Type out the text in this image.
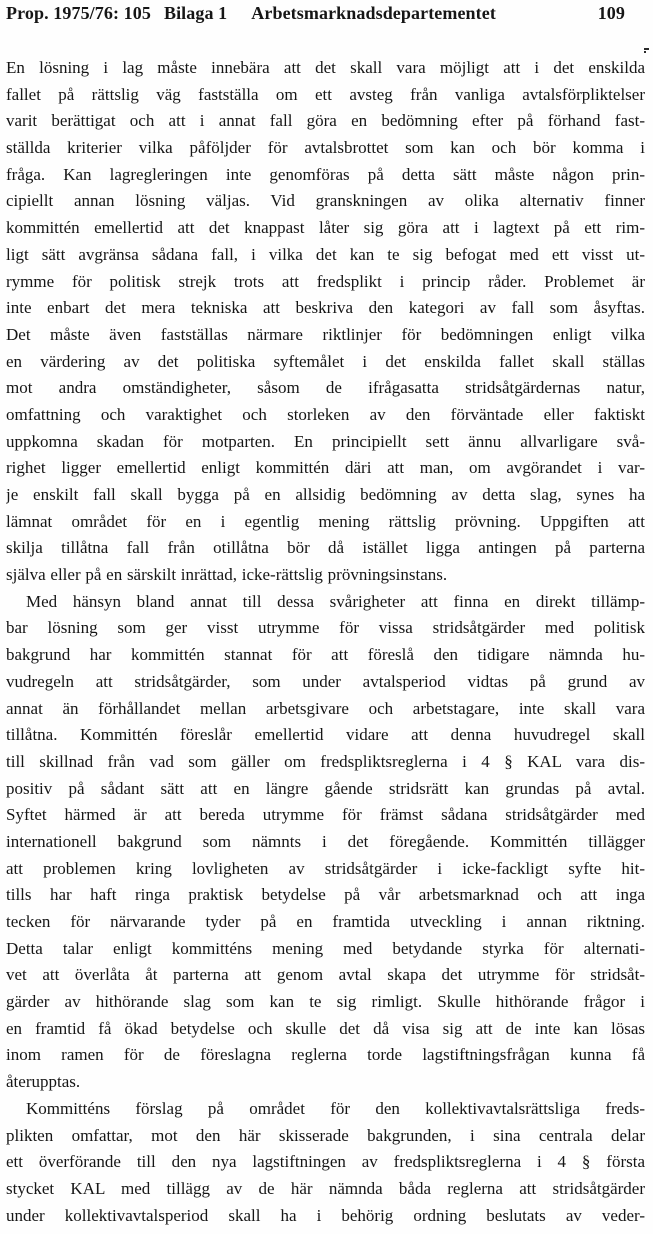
Prop. 1975/76: 105 Bilaga 1 Arbetsmarknadsdepartementet	109
En lösning i lag måste innebära att det skall vara möjligt att i det enskilda
fallet på rättslig väg fastställa om ett avsteg från vanliga avtalsförpliktelser
varit berättigat och att i annat fall göra en bedömning efter på förhand fast-
ställda kriterier vilka påföljder för avtalsbrottet som kan och bör komma i
fråga. Kan lagregleringen inte genomföras på detta sätt måste någon prin-
cipiellt annan lösning väljas. Vid granskningen av olika alternativ finner
kommittén emellertid att det knappast låter sig göra att i lagtext på ett rim-
ligt sätt avgränsa sådana fall, i vilka det kan te sig befogat med ett visst ut-
rymme för politisk strejk trots att fredsplikt i princip råder. Problemet är
inte enbart det mera tekniska att beskriva den kategori av fall som åsyftas.
Det måste även fastställas närmare riktlinjer för bedömningen enligt vilka
en värdering av det politiska syftemålet i det enskilda fallet skall ställas
mot andra omständigheter, såsom de ifrågasatta stridsåtgärdernas natur,
omfattning och varaktighet och storleken av den förväntade eller faktiskt
uppkomna skadan för motparten. En principiellt sett ännu allvarligare svå-
righet ligger emellertid enligt kommittén däri att man, om avgörandet i var-
je enskilt fall skall bygga på en allsidig bedömning av detta slag, synes ha
lämnat området för en i egentlig mening rättslig prövning. Uppgiften att
skilja tillåtna fall från otillåtna bör då istället ligga antingen på parterna
själva eller på en särskilt inrättad, icke-rättslig prövningsinstans.
Med hänsyn bland annat till dessa svårigheter att finna en direkt tillämp-
bar lösning som ger visst utrymme för vissa stridsåtgärder med politisk
bakgrund har kommittén stannat för att föreslå den tidigare nämnda hu-
vudregeln att stridsåtgärder, som under avtalsperiod vidtas på grund av
annat än förhållandet mellan arbetsgivare och arbetstagare, inte skall vara
tillåtna. Kommittén föreslår emellertid vidare att denna huvudregel skall
till skillnad från vad som gäller om fredspliktsreglerna i 4 § KAL vara dis-
positiv på sådant sätt att en längre gående stridsrätt kan grundas på avtal.
Syftet härmed är att bereda utrymme för främst sådana stridsåtgärder med
internationell bakgrund som nämnts i det föregående. Kommittén tillägger
att problemen kring lovligheten av stridsåtgärder i icke-fackligt syfte hit-
tills har haft ringa praktisk betydelse på vår arbetsmarknad och att inga
tecken för närvarande tyder på en framtida utveckling i annan riktning.
Detta talar enligt kommitténs mening med betydande styrka för alternati-
vet att överlåta åt parterna att genom avtal skapa det utrymme för stridsåt-
gärder av hithörande slag som kan te sig rimligt. Skulle hithörande frågor i
en framtid få ökad betydelse och skulle det då visa sig att de inte kan lösas
inom ramen för de föreslagna reglerna torde lagstiftningsfrågan kunna få
återupptas.
Kommitténs förslag på området för den kollektivavtalsrättsliga freds-
plikten omfattar, mot den här skisserade bakgrunden, i sina centrala delar
ett överförande till den nya lagstiftningen av fredspliktsreglerna i 4 § första
stycket KAL med tillägg av de här nämnda båda reglerna att stridsåtgärder
under kollektivavtalsperiod skall ha i behörig ordning beslutats av veder-
